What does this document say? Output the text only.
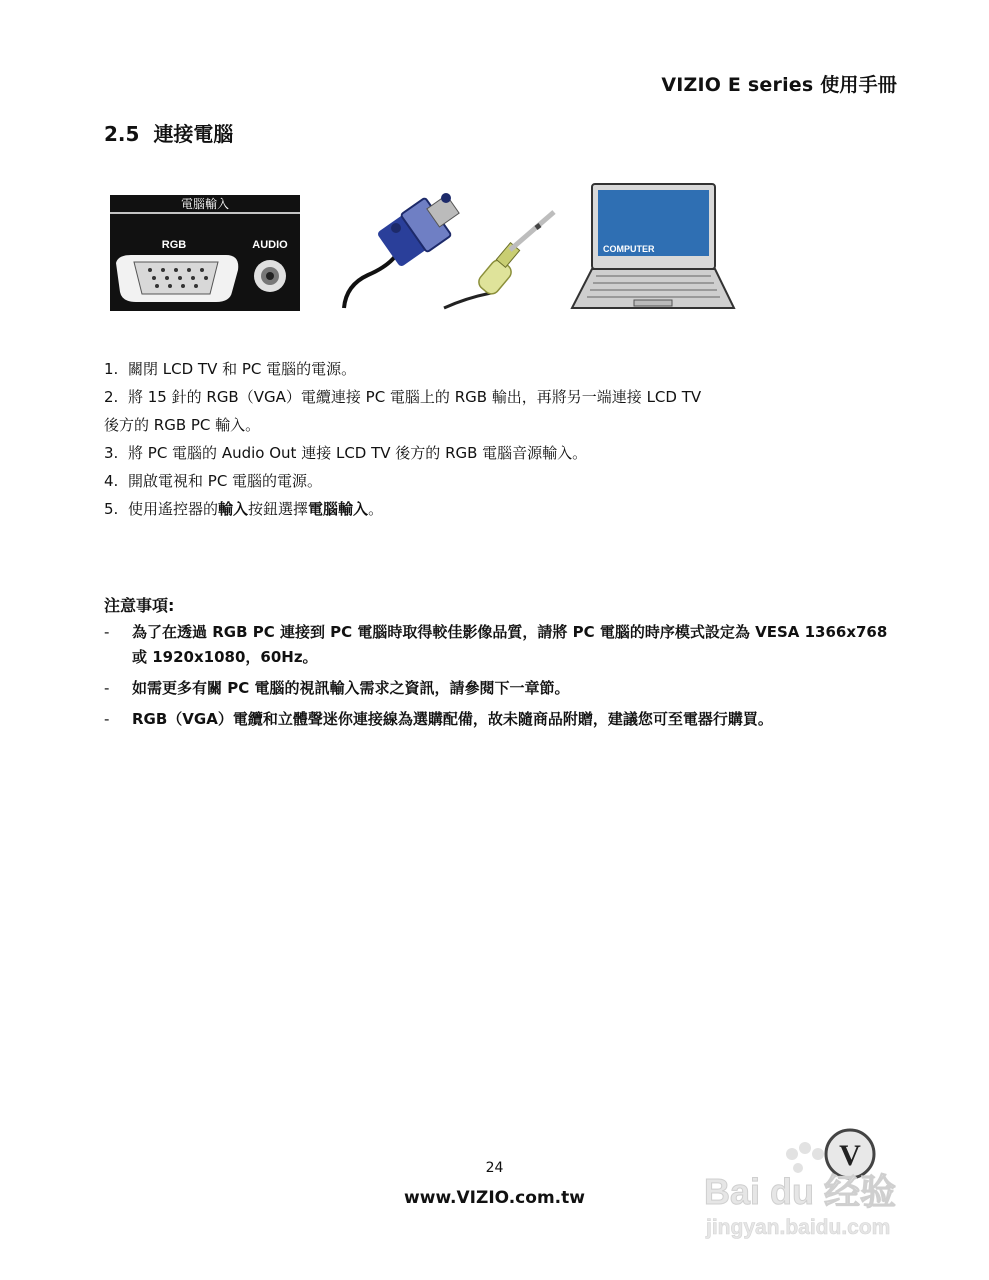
VIZIO E series 使用手冊
2.5 連接電腦
電腦輸入
RGB	AUDIO	COMPUTER
1. 關閉 LCD TV 和 PC 電腦的電源。
2. 將 15 針的 RGB（VGA）電纜連接 PC 電腦上的 RGB 輸出，再將另一端連接 LCD TV
後方的 RGB PC 輸入。
3. 將 PC 電腦的 Audio Out 連接 LCD TV 後方的 RGB 電腦音源輸入。
4. 開啟電視和 PC 電腦的電源。
5. 使用遙控器的輸入按鈕選擇電腦輸入。
注意事項:
-	為了在透過 RGB PC 連接到 PC 電腦時取得較佳影像品質，請將 PC 電腦的時序模式設定為 VESA 1366x768 或 1920x1080，60Hz。
-	如需更多有關 PC 電腦的視訊輸入需求之資訊，請參閱下一章節。
-	RGB（VGA）電纜和立體聲迷你連接線為選購配備，故未隨商品附贈，建議您可至電器行購買。
24
www.VIZIO.com.tw
V
Bai du 经验
jingyan.baidu.com
